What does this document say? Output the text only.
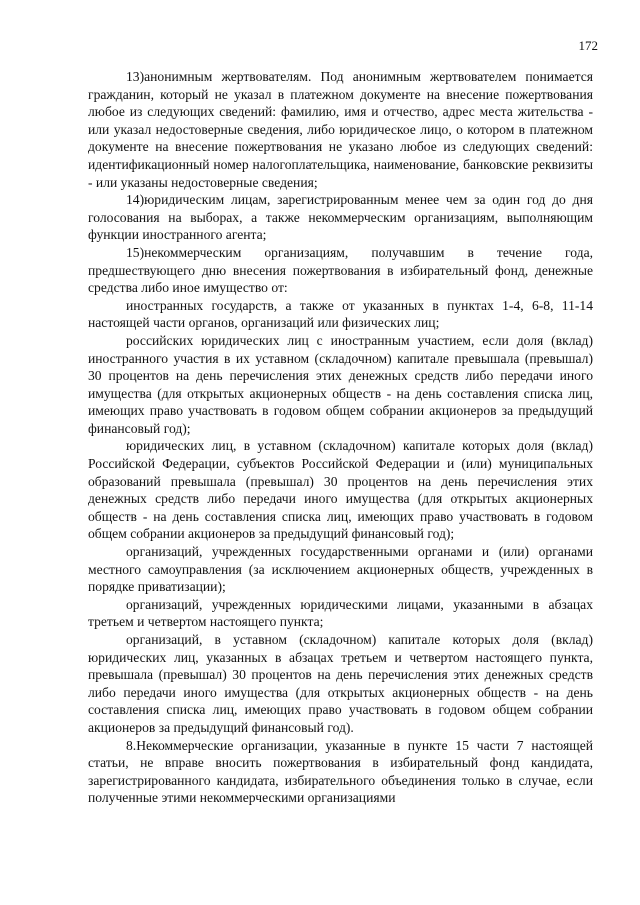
172

13)анонимным жертвователям. Под анонимным жертвователем понимается гражданин, который не указал в платежном документе на внесение пожертвования любое из следующих сведений: фамилию, имя и отчество, адрес места жительства - или указал недостоверные сведения, либо юридическое лицо, о котором в платежном документе на внесение пожертвования не указано любое из следующих сведений: идентификационный номер налогоплательщика, наименование, банковские реквизиты - или указаны недостоверные сведения;

14)юридическим лицам, зарегистрированным менее чем за один год до дня голосования на выборах, а также некоммерческим организациям, выполняющим функции иностранного агента;

15)некоммерческим организациям, получавшим в течение года, предшествующего дню внесения пожертвования в избирательный фонд, денежные средства либо иное имущество от:

иностранных государств, а также от указанных в пунктах 1-4, 6-8, 11-14 настоящей части органов, организаций или физических лиц;

российских юридических лиц с иностранным участием, если доля (вклад) иностранного участия в их уставном (складочном) капитале превышала (превышал) 30 процентов на день перечисления этих денежных средств либо передачи иного имущества (для открытых акционерных обществ - на день составления списка лиц, имеющих право участвовать в годовом общем собрании акционеров за предыдущий финансовый год);

юридических лиц, в уставном (складочном) капитале которых доля (вклад) Российской Федерации, субъектов Российской Федерации и (или) муниципальных образований превышала (превышал) 30 процентов на день перечисления этих денежных средств либо передачи иного имущества (для открытых акционерных обществ - на день составления списка лиц, имеющих право участвовать в годовом общем собрании акционеров за предыдущий финансовый год);

организаций, учрежденных государственными органами и (или) органами местного самоуправления (за исключением акционерных обществ, учрежденных в порядке приватизации);

организаций, учрежденных юридическими лицами, указанными в абзацах третьем и четвертом настоящего пункта;

организаций, в уставном (складочном) капитале которых доля (вклад) юридических лиц, указанных в абзацах третьем и четвертом настоящего пункта, превышала (превышал) 30 процентов на день перечисления этих денежных средств либо передачи иного имущества (для открытых акционерных обществ - на день составления списка лиц, имеющих право участвовать в годовом общем собрании акционеров за предыдущий финансовый год).

8.Некоммерческие организации, указанные в пункте 15 части 7 настоящей статьи, не вправе вносить пожертвования в избирательный фонд кандидата, зарегистрированного кандидата, избирательного объединения только в случае, если полученные этими некоммерческими организациями
